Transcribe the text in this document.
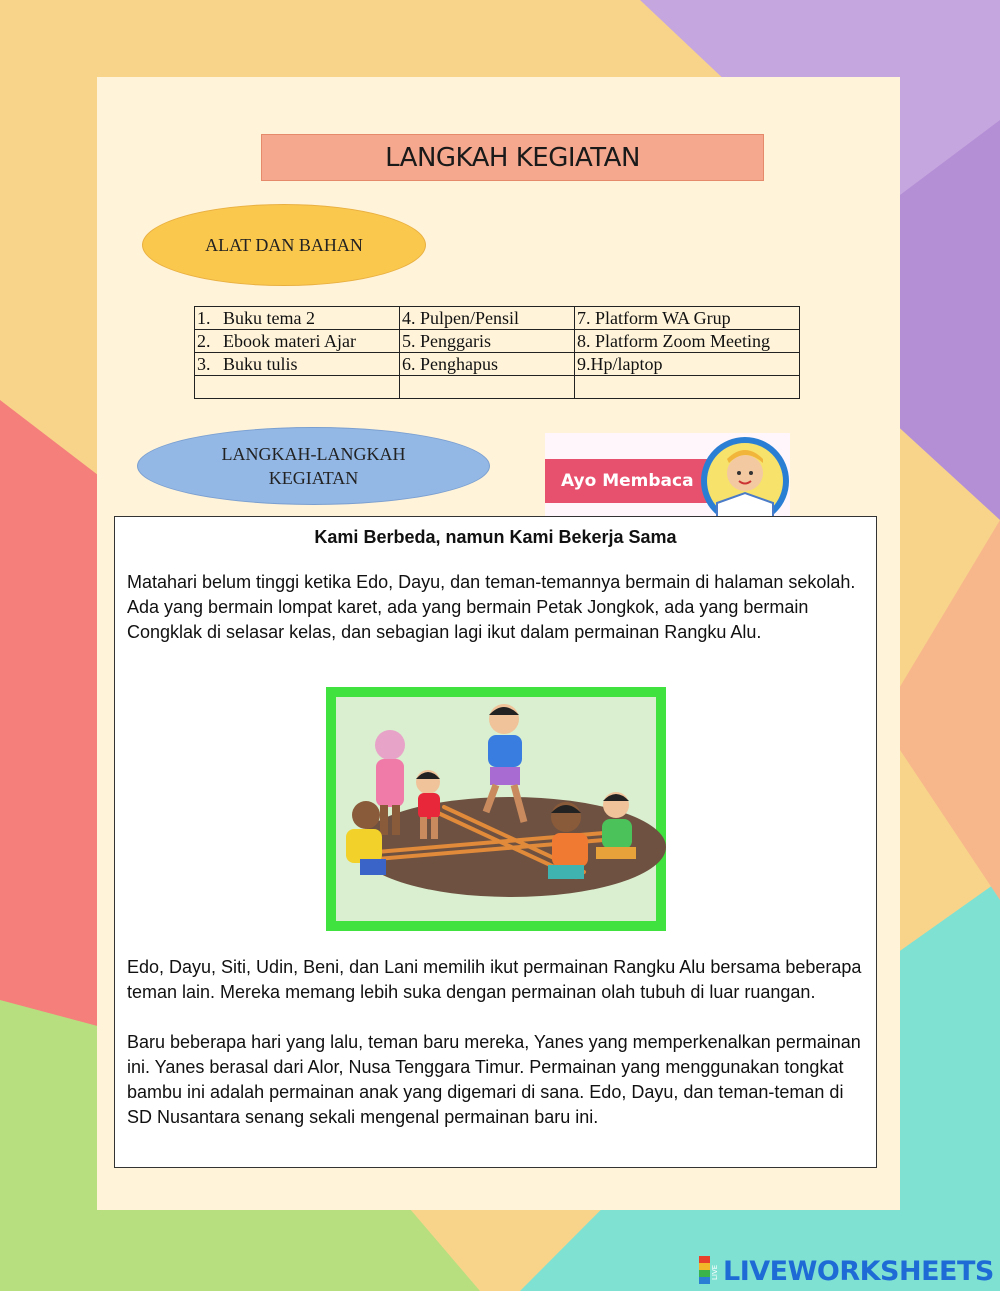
LANGKAH KEGIATAN
ALAT DAN BAHAN
1. Buku tema 2	4. Pulpen/Pensil	7. Platform WA Grup
2. Ebook materi Ajar	5. Penggaris	8. Platform Zoom Meeting
3. Buku tulis	6. Penghapus	9.Hp/laptop

LANGKAH-LANGKAH
KEGIATAN	Ayo Membaca
Kami Berbeda, namun Kami Bekerja Sama

Matahari belum tinggi ketika Edo, Dayu, dan teman-temannya bermain di halaman sekolah. Ada yang bermain lompat karet, ada yang bermain Petak Jongkok, ada yang bermain Congklak di selasar kelas, dan sebagian lagi ikut dalam permainan Rangku Alu.

Edo, Dayu, Siti, Udin, Beni, dan Lani memilih ikut permainan Rangku Alu bersama beberapa teman lain. Mereka memang lebih suka dengan permainan olah tubuh di luar ruangan.

Baru beberapa hari yang lalu, teman baru mereka, Yanes yang memperkenalkan permainan ini. Yanes berasal dari Alor, Nusa Tenggara Timur. Permainan yang menggunakan tongkat bambu ini adalah permainan anak yang digemari di sana. Edo, Dayu, dan teman-teman di SD Nusantara senang sekali mengenal permainan baru ini.

LIVE LIVEWORKSHEETS
